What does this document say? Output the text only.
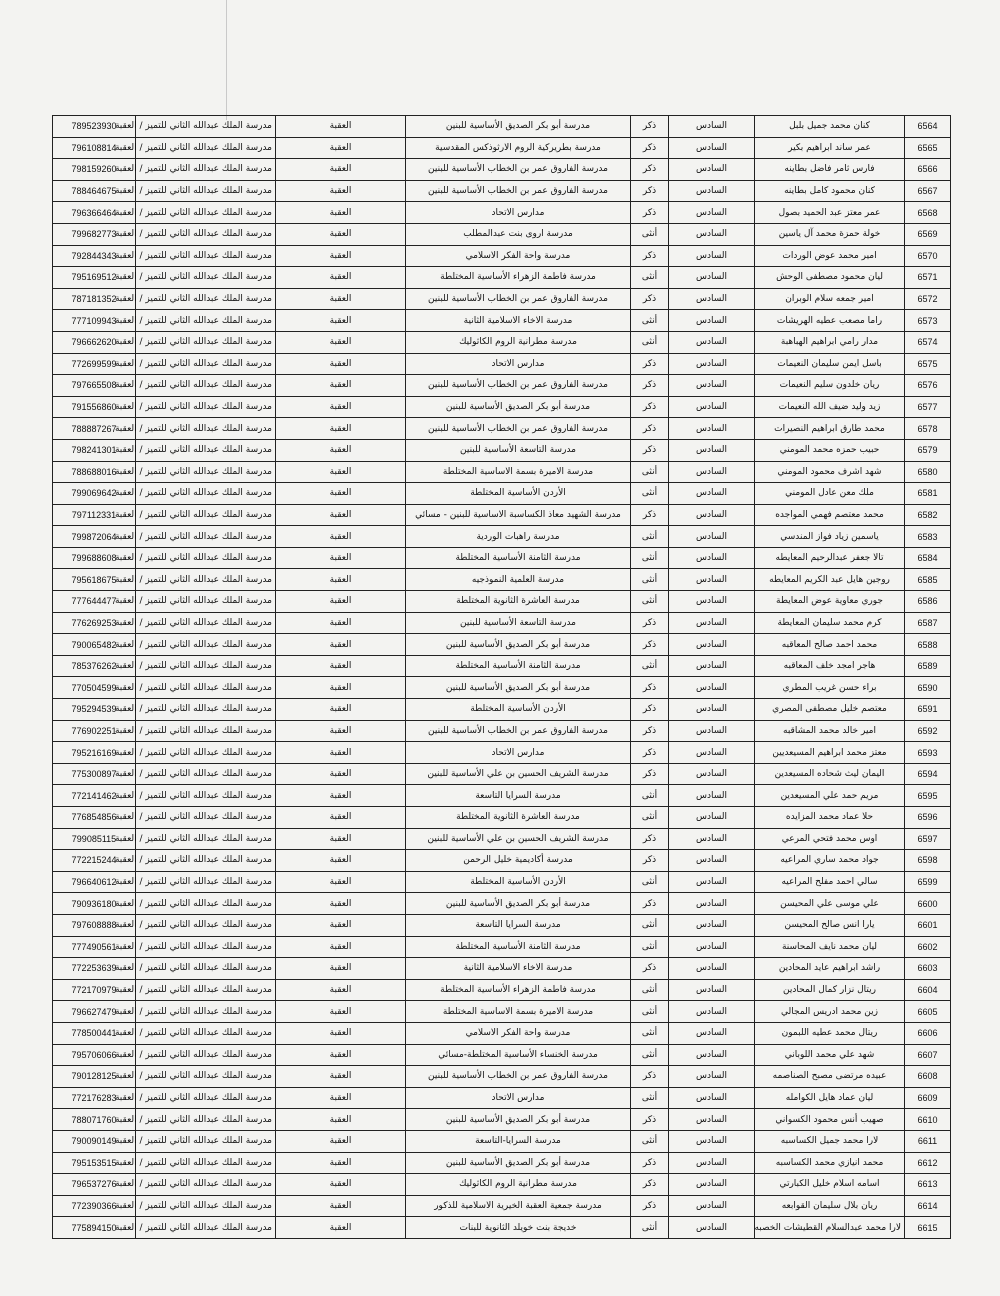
6564	كنان محمد جميل بلبل	السادس	ذكر	مدرسة أبو بكر الصديق الأساسية للبنين	العقبة	مدرسة الملك عبدالله الثاني للتميز / العقبة	789523930
6565	عمر ساند ابراهيم بكير	السادس	ذكر	مدرسة بطريركية الروم الارثوذكس المقدسية	العقبة	مدرسة الملك عبدالله الثاني للتميز / العقبة	796108814
6566	فارس ثامر فاضل بطاينه	السادس	ذكر	مدرسة الفاروق عمر بن الخطاب الأساسية للبنين	العقبة	مدرسة الملك عبدالله الثاني للتميز / العقبة	798159260
6567	كنان محمود كامل بطاينه	السادس	ذكر	مدرسة الفاروق عمر بن الخطاب الأساسية للبنين	العقبة	مدرسة الملك عبدالله الثاني للتميز / العقبة	788464675
6568	عمر معتز عبد الحميد بصول	السادس	ذكر	مدارس الاتحاد	العقبة	مدرسة الملك عبدالله الثاني للتميز / العقبة	796366464
6569	خولة حمزة محمد آل ياسين	السادس	أنثى	مدرسة اروى بنت عبدالمطلب	العقبة	مدرسة الملك عبدالله الثاني للتميز / العقبة	799682773
6570	امير محمد عوض الوردات	السادس	ذكر	مدرسة واحة الفكر الاسلامي	العقبة	مدرسة الملك عبدالله الثاني للتميز / العقبة	792844343
6571	ليان محمود مصطفى الوحش	السادس	أنثى	مدرسة فاطمة الزهراء الأساسية المختلطة	العقبة	مدرسة الملك عبدالله الثاني للتميز / العقبة	795169512
6572	امير جمعه سلام الوبران	السادس	ذكر	مدرسة الفاروق عمر بن الخطاب الأساسية للبنين	العقبة	مدرسة الملك عبدالله الثاني للتميز / العقبة	787181352
6573	راما مصعب عطيه الهريشات	السادس	أنثى	مدرسة الاخاء الاسلامية الثانية	العقبة	مدرسة الملك عبدالله الثاني للتميز / العقبة	777109943
6574	مدار رامي ابراهيم الهباهبة	السادس	أنثى	مدرسة مطرانية الروم الكاثوليك	العقبة	مدرسة الملك عبدالله الثاني للتميز / العقبة	796662620
6575	باسل ايمن سليمان النعيمات	السادس	ذكر	مدارس الاتحاد	العقبة	مدرسة الملك عبدالله الثاني للتميز / العقبة	772699599
6576	ريان خلدون سليم النعيمات	السادس	ذكر	مدرسة الفاروق عمر بن الخطاب الأساسية للبنين	العقبة	مدرسة الملك عبدالله الثاني للتميز / العقبة	797665508
6577	زيد وليد ضيف الله النعيمات	السادس	ذكر	مدرسة أبو بكر الصديق الأساسية للبنين	العقبة	مدرسة الملك عبدالله الثاني للتميز / العقبة	791556860
6578	محمد طارق ابراهيم النصيرات	السادس	ذكر	مدرسة الفاروق عمر بن الخطاب الأساسية للبنين	العقبة	مدرسة الملك عبدالله الثاني للتميز / العقبة	788887267
6579	حبيب حمزه محمد المومني	السادس	ذكر	مدرسة التاسعة الأساسية للبنين	العقبة	مدرسة الملك عبدالله الثاني للتميز / العقبة	798241301
6580	شهد اشرف محمود المومني	السادس	أنثى	مدرسة الاميرة بسمة الاساسية المختلطة	العقبة	مدرسة الملك عبدالله الثاني للتميز / العقبة	788688016
6581	ملك معن عادل المومني	السادس	أنثى	الأردن الأساسية المختلطة	العقبة	مدرسة الملك عبدالله الثاني للتميز / العقبة	799069642
6582	محمد معتصم فهمي المواجده	السادس	ذكر	مدرسة الشهيد معاذ الكساسبة الاساسية للبنين - مسائي	العقبة	مدرسة الملك عبدالله الثاني للتميز / العقبة	797112331
6583	ياسمين زياد فواز المندسي	السادس	أنثى	مدرسة راهبات الوردية	العقبة	مدرسة الملك عبدالله الثاني للتميز / العقبة	799872064
6584	تالا جعفر عبدالرحيم المعايطه	السادس	أنثى	مدرسة الثامنة الأساسية المختلطة	العقبة	مدرسة الملك عبدالله الثاني للتميز / العقبة	799688608
6585	روجين هايل عبد الكريم المعايطه	السادس	أنثى	مدرسة العلمية النموذجيه	العقبة	مدرسة الملك عبدالله الثاني للتميز / العقبة	795618675
6586	جوري معاوية عوض المعايطة	السادس	أنثى	مدرسة العاشرة الثانوية المختلطة	العقبة	مدرسة الملك عبدالله الثاني للتميز / العقبة	777644477
6587	كرم محمد سليمان المعايطة	السادس	ذكر	مدرسة التاسعة الأساسية للبنين	العقبة	مدرسة الملك عبدالله الثاني للتميز / العقبة	776269253
6588	محمد احمد صالح المعاقبه	السادس	ذكر	مدرسة أبو بكر الصديق الأساسية للبنين	العقبة	مدرسة الملك عبدالله الثاني للتميز / العقبة	790065482
6589	هاجر امجد خلف المعاقبه	السادس	أنثى	مدرسة الثامنة الأساسية المختلطة	العقبة	مدرسة الملك عبدالله الثاني للتميز / العقبة	785376262
6590	براء حسن غريب المطري	السادس	ذكر	مدرسة أبو بكر الصديق الأساسية للبنين	العقبة	مدرسة الملك عبدالله الثاني للتميز / العقبة	770504599
6591	معتصم خليل مصطفى المصري	السادس	ذكر	الأردن الأساسية المختلطة	العقبة	مدرسة الملك عبدالله الثاني للتميز / العقبة	795294539
6592	امير خالد محمد المشاقبه	السادس	ذكر	مدرسة الفاروق عمر بن الخطاب الأساسية للبنين	العقبة	مدرسة الملك عبدالله الثاني للتميز / العقبة	776902251
6593	معتز محمد ابراهيم المسيعديين	السادس	ذكر	مدارس الاتحاد	العقبة	مدرسة الملك عبدالله الثاني للتميز / العقبة	795216169
6594	اليمان ليث شحاده المسيعدين	السادس	ذكر	مدرسة الشريف الحسين بن علي الأساسية للبنين	العقبة	مدرسة الملك عبدالله الثاني للتميز / العقبة	775300897
6595	مريم حمد علي المسيعدين	السادس	أنثى	مدرسة السرايا التاسعة	العقبة	مدرسة الملك عبدالله الثاني للتميز / العقبة	772141462
6596	حلا عماد محمد المزايده	السادس	أنثى	مدرسة العاشرة الثانوية المختلطة	العقبة	مدرسة الملك عبدالله الثاني للتميز / العقبة	776854856
6597	اوس محمد فتحي المرعي	السادس	ذكر	مدرسة الشريف الحسين بن علي الأساسية للبنين	العقبة	مدرسة الملك عبدالله الثاني للتميز / العقبة	799085115
6598	جواد محمد ساري المراعيه	السادس	ذكر	مدرسة أكاديمية خليل الرحمن	العقبة	مدرسة الملك عبدالله الثاني للتميز / العقبة	772215244
6599	سالي احمد مفلح المراعيه	السادس	أنثى	الأردن الأساسية المختلطة	العقبة	مدرسة الملك عبدالله الثاني للتميز / العقبة	796640612
6600	علي موسى علي المحيسن	السادس	ذكر	مدرسة أبو بكر الصديق الأساسية للبنين	العقبة	مدرسة الملك عبدالله الثاني للتميز / العقبة	790936180
6601	يارا انس صالح المحيسن	السادس	أنثى	مدرسة السرايا التاسعة	العقبة	مدرسة الملك عبدالله الثاني للتميز / العقبة	797608888
6602	ليان محمد نايف المحاسنة	السادس	أنثى	مدرسة الثامنة الأساسية المختلطة	العقبة	مدرسة الملك عبدالله الثاني للتميز / العقبة	777490561
6603	راشد ابراهيم عايد المحادين	السادس	ذكر	مدرسة الاخاء الاسلامية الثانية	العقبة	مدرسة الملك عبدالله الثاني للتميز / العقبة	772253639
6604	ريتال نزار كمال المحادين	السادس	أنثى	مدرسة فاطمة الزهراء الأساسية المختلطة	العقبة	مدرسة الملك عبدالله الثاني للتميز / العقبة	772170979
6605	زين محمد ادريس المجالي	السادس	أنثى	مدرسة الاميرة بسمة الاساسية المختلطة	العقبة	مدرسة الملك عبدالله الثاني للتميز / العقبة	796627479
6606	ريتال محمد عطيه اللبمون	السادس	أنثى	مدرسة واحة الفكر الاسلامي	العقبة	مدرسة الملك عبدالله الثاني للتميز / العقبة	778500441
6607	شهد علي محمد اللوباني	السادس	أنثى	مدرسة الخنساء الأساسية المختلطة-مسائي	العقبة	مدرسة الملك عبدالله الثاني للتميز / العقبة	795706066
6608	عبيده مرتضى مصبح الصناصمه	السادس	ذكر	مدرسة الفاروق عمر بن الخطاب الأساسية للبنين	العقبة	مدرسة الملك عبدالله الثاني للتميز / العقبة	790128125
6609	ليان عماد هايل الكوامله	السادس	أنثى	مدارس الاتحاد	العقبة	مدرسة الملك عبدالله الثاني للتميز / العقبة	772176283
6610	صهيب أنس محمود الكسواني	السادس	ذكر	مدرسة أبو بكر الصديق الأساسية للبنين	العقبة	مدرسة الملك عبدالله الثاني للتميز / العقبة	788071760
6611	لارا محمد جميل الكساسبه	السادس	أنثى	مدرسة السرايا-التاسعة	العقبة	مدرسة الملك عبدالله الثاني للتميز / العقبة	790090149
6612	محمد انيازي محمد الكساسبه	السادس	ذكر	مدرسة أبو بكر الصديق الأساسية للبنين	العقبة	مدرسة الملك عبدالله الثاني للتميز / العقبة	795153515
6613	اسامه اسلام خليل الكبارتي	السادس	ذكر	مدرسة مطرانية الروم الكاثوليك	العقبة	مدرسة الملك عبدالله الثاني للتميز / العقبة	796537276
6614	ريان بلال سليمان القوابعه	السادس	ذكر	مدرسة جمعية العقبة الخيرية الاسلامية للذكور	العقبة	مدرسة الملك عبدالله الثاني للتميز / العقبة	772390366
6615	لارا محمد عبدالسلام القطيشات الخصبه	السادس	أنثى	خديجة بنت خويلد الثانوية للبنات	العقبة	مدرسة الملك عبدالله الثاني للتميز / العقبة	775894150
